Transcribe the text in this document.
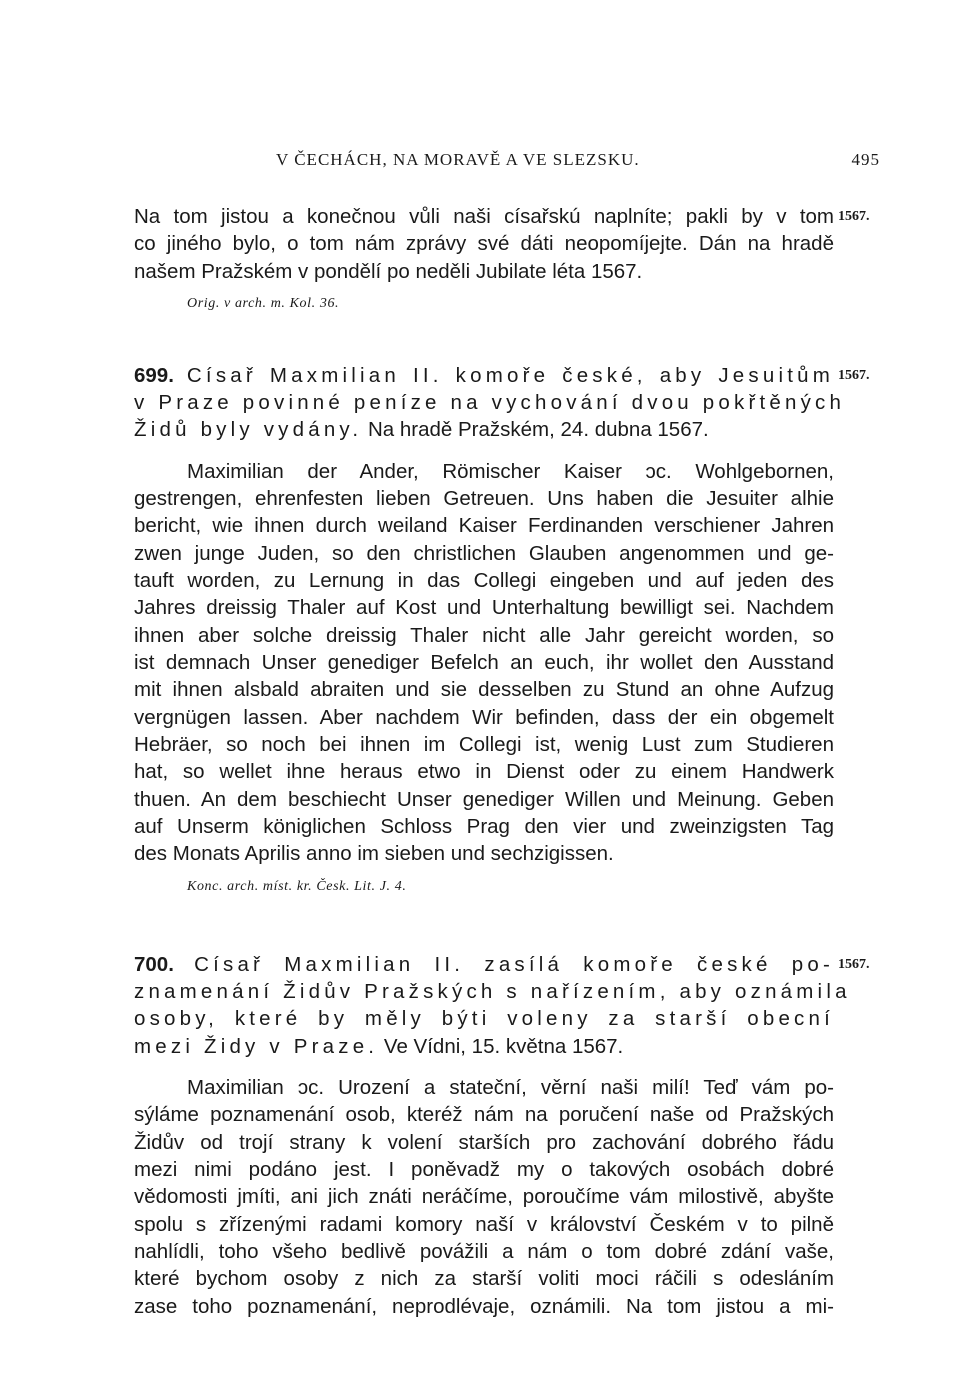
V ČECHÁCH, NA MORAVĚ A VE SLEZSKU.	495
1567.
Na tom jistou a konečnou vůli naši císařskú naplníte; pakli by v tom
co jiného bylo, o tom nám zprávy své dáti neopomíjejte. Dán na hradě
našem Pražském v pondělí po neděli Jubilate léta 1567.
Orig. v arch. m. Kol. 36.
1567.
699. Císař Maxmilian II. komoře české, aby Jesuitům
v Praze povinné peníze na vychování dvou pokřtěných
Židů byly vydány. Na hradě Pražském, 24. dubna 1567.
Maximilian der Ander, Römischer Kaiser ɔc. Wohlgebornen,
gestrengen, ehrenfesten lieben Getreuen. Uns haben die Jesuiter alhie
bericht, wie ihnen durch weiland Kaiser Ferdinanden verschiener Jahren
zwen junge Juden, so den christlichen Glauben angenommen und ge-
tauft worden, zu Lernung in das Collegi eingeben und auf jeden des
Jahres dreissig Thaler auf Kost und Unterhaltung bewilligt sei. Nachdem
ihnen aber solche dreissig Thaler nicht alle Jahr gereicht worden, so
ist demnach Unser genediger Befelch an euch, ihr wollet den Ausstand
mit ihnen alsbald abraiten und sie desselben zu Stund an ohne Aufzug
vergnügen lassen. Aber nachdem Wir befinden, dass der ein obgemelt
Hebräer, so noch bei ihnen im Collegi ist, wenig Lust zum Studieren
hat, so wellet ihne heraus etwo in Dienst oder zu einem Handwerk
thuen. An dem beschiecht Unser genediger Willen und Meinung. Geben
auf Unserm königlichen Schloss Prag den vier und zweinzigsten Tag
des Monats Aprilis anno im sieben und sechzigissen.
Konc. arch. míst. kr. Česk. Lit. J. 4.
1567.
700. Císař Maxmilian II. zasílá komoře české po-
znamenání Židův Pražských s nařízením, aby oznámila
osoby, které by měly býti voleny za starší obecní
mezi Židy v Praze. Ve Vídni, 15. května 1567.
Maximilian ɔc. Urození a stateční, věrní naši milí! Teď vám po-
sýláme poznamenání osob, kteréž nám na poručení naše od Pražských
Židův od trojí strany k volení starších pro zachování dobrého řádu
mezi nimi podáno jest. I poněvadž my o takových osobách dobré
vědomosti jmíti, ani jich znáti neráčíme, poroučíme vám milostivě, abyšte
spolu s zřízenými radami komory naší v království Českém v to pilně
nahlídli, toho všeho bedlivě povážili a nám o tom dobré zdání vaše,
které bychom osoby z nich za starší voliti moci ráčili s odesláním
zase toho poznamenání, neprodlévaje, oznámili. Na tom jistou a mi-
